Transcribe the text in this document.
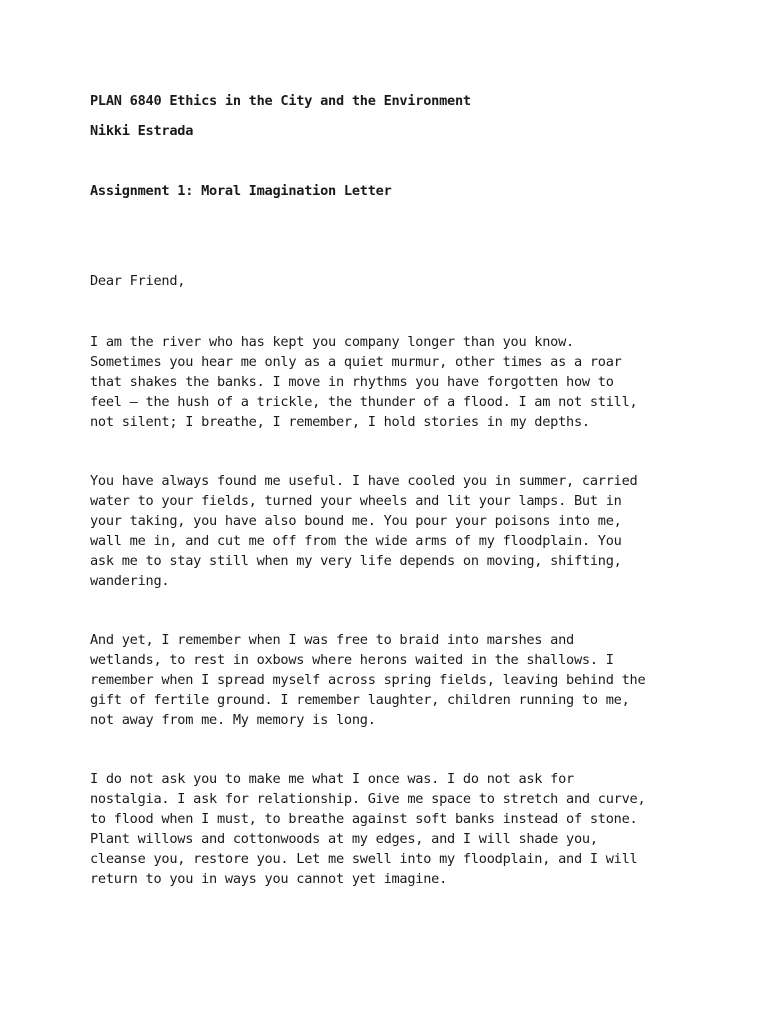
PLAN 6840 Ethics in the City and the Environment
Nikki Estrada
Assignment 1: Moral Imagination Letter
Dear Friend,
I am the river who has kept you company longer than you know.
Sometimes you hear me only as a quiet murmur, other times as a roar
that shakes the banks. I move in rhythms you have forgotten how to
feel — the hush of a trickle, the thunder of a flood. I am not still,
not silent; I breathe, I remember, I hold stories in my depths.
You have always found me useful. I have cooled you in summer, carried
water to your fields, turned your wheels and lit your lamps. But in
your taking, you have also bound me. You pour your poisons into me,
wall me in, and cut me off from the wide arms of my floodplain. You
ask me to stay still when my very life depends on moving, shifting,
wandering.
And yet, I remember when I was free to braid into marshes and
wetlands, to rest in oxbows where herons waited in the shallows. I
remember when I spread myself across spring fields, leaving behind the
gift of fertile ground. I remember laughter, children running to me,
not away from me. My memory is long.
I do not ask you to make me what I once was. I do not ask for
nostalgia. I ask for relationship. Give me space to stretch and curve,
to flood when I must, to breathe against soft banks instead of stone.
Plant willows and cottonwoods at my edges, and I will shade you,
cleanse you, restore you. Let me swell into my floodplain, and I will
return to you in ways you cannot yet imagine.
